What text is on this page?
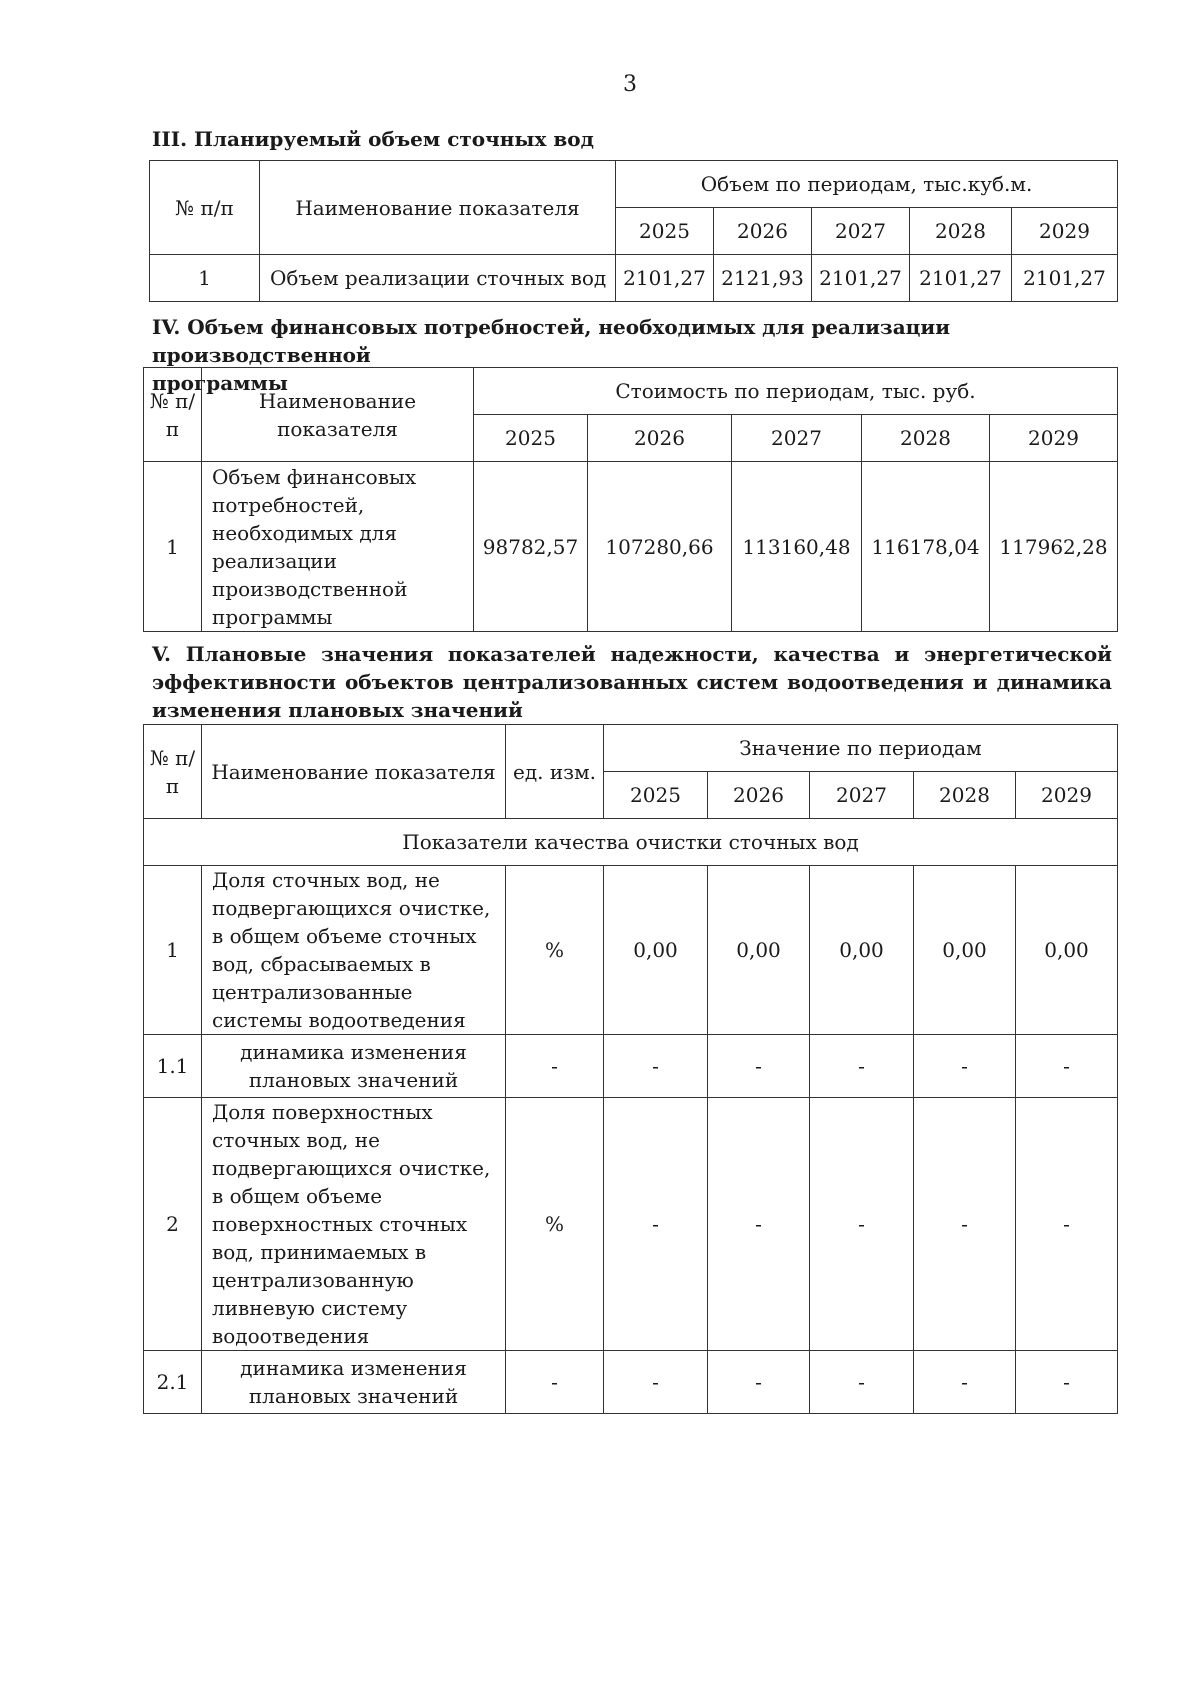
3
III. Планируемый объем сточных вод
№ п/п	Наименование показателя	Объем по периодам, тыс.куб.м.				
		2025	2026	2027	2028	2029
1	Объем реализации сточных вод	2101,27	2121,93	2101,27	2101,27	2101,27
IV. Объем финансовых потребностей, необходимых для реализации производственной
программы
№ п/п	Наименование показателя	Стоимость по периодам, тыс. руб.				
		2025	2026	2027	2028	2029
1	Объем финансовых потребностей, необходимых для реализации производственной программы	98782,57	107280,66	113160,48	116178,04	117962,28
V. Плановые значения показателей надежности, качества и энергетической
эффективности объектов централизованных систем водоотведения и динамика
изменения плановых значений
№ п/п	Наименование показателя	ед. изм.	Значение по периодам				
			2025	2026	2027	2028	2029
Показатели качества очистки сточных вод							
1	Доля сточных вод, не подвергающихся очистке, в общем объеме сточных вод, сбрасываемых в централизованные системы водоотведения	%	0,00	0,00	0,00	0,00	0,00
1.1	динамика изменения плановых значений	-	-	-	-	-	-
2	Доля поверхностных сточных вод, не подвергающихся очистке, в общем объеме поверхностных сточных вод, принимаемых в централизованную ливневую систему водоотведения	%	-	-	-	-	-
2.1	динамика изменения плановых значений	-	-	-	-	-	-
